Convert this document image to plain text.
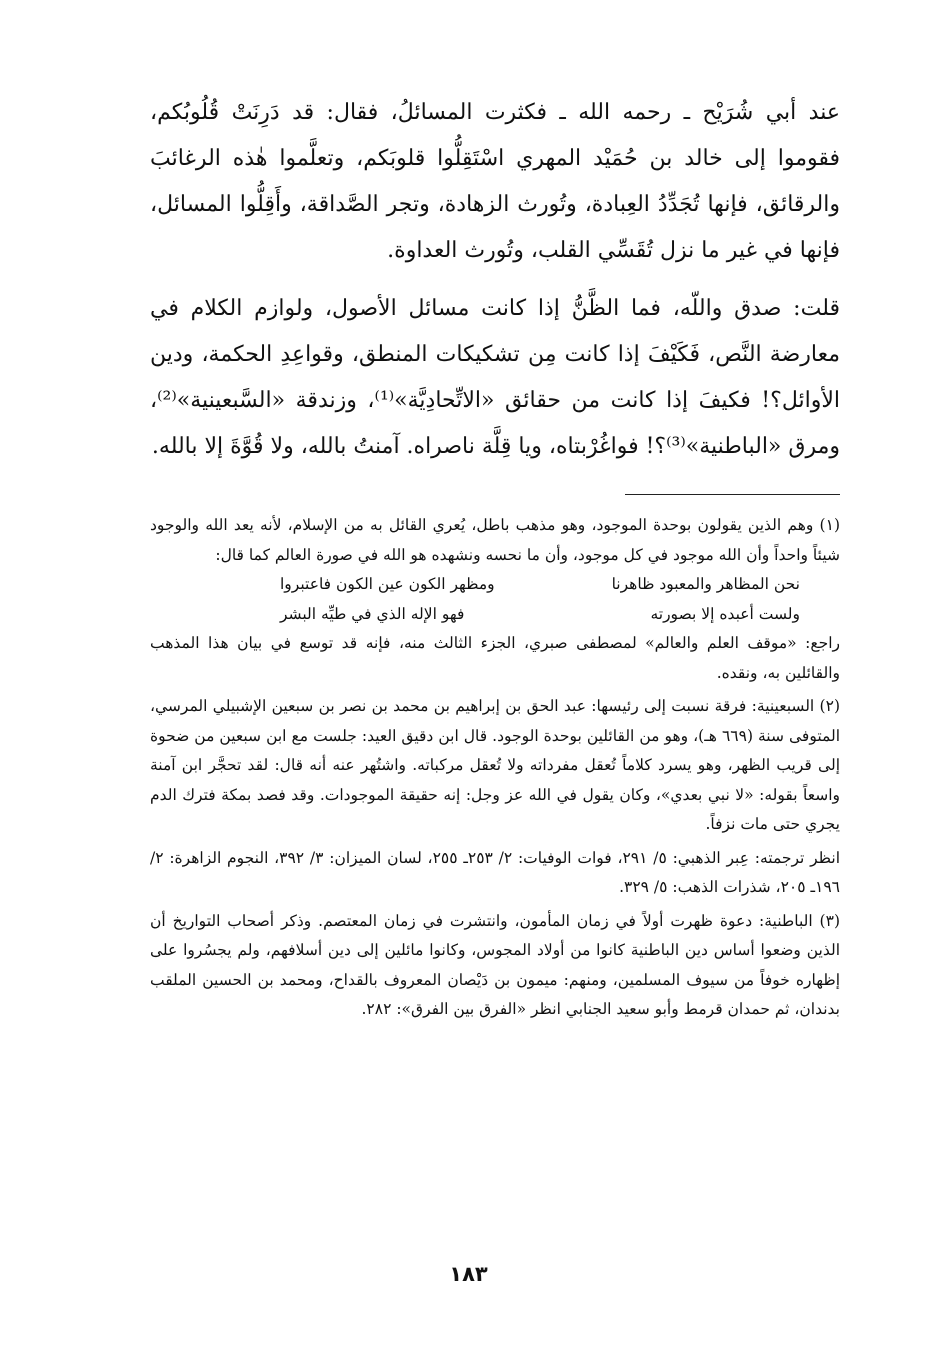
عند أبي شُرَيْح ـ رحمه الله ـ فكثرت المسائلُ، فقال: قد دَرِنَتْ قُلُوبُكم، فقوموا إلى خالد بن حُمَيْد المهري اسْتَقِلُّوا قلوبَكم، وتعلَّموا هٰذه الرغائبَ والرقائق، فإنها تُجَدِّدُ العِبادة، وتُورث الزهادة، وتجر الصَّداقة، وأَقِلُّوا المسائل، فإنها في غير ما نزل تُقَسِّي القلب، وتُورث العداوة.

قلت: صدق واللّه، فما الظَّنُّ إذا كانت مسائل الأصول، ولوازم الكلام في معارضة النَّص، فَكَيْفَ إذا كانت مِن تشكيكات المنطق، وقواعِدِ الحكمة، ودين الأوائل؟! فكيفَ إذا كانت من حقائق «الاتِّحادِيَّة»⁽¹⁾، وزندقة «السَّبعينية»⁽²⁾، ومرق «الباطنية»⁽³⁾؟! فواغُرْبتاه، ويا قِلَّة ناصراه. آمنتُ بالله، ولا قُوَّةَ إلا بالله.

(١) وهم الذين يقولون بوحدة الموجود، وهو مذهب باطل، يُعري القائل به من الإسلام، لأنه يعد الله والوجود شيئاً واحداً وأن الله موجود في كل موجود، وأن ما نحسه ونشهده هو الله في صورة العالم كما قال:

نحن المظاهر والمعبود ظاهرنا
ومظهر الكون عين الكون فاعتبروا
ولست أعبده إلا بصورته
فهو الإله الذي في طيِّه البشر

راجع: «موقف العلم والعالم» لمصطفى صبري، الجزء الثالث منه، فإنه قد توسع في بيان هذا المذهب والقائلين به، ونقده.

(٢) السبعينية: فرقة نسبت إلى رئيسها: عبد الحق بن إبراهيم بن محمد بن نصر بن سبعين الإشبيلي المرسي، المتوفى سنة (٦٦٩ هـ)، وهو من القائلين بوحدة الوجود. قال ابن دقيق العيد: جلست مع ابن سبعين من ضحوة إلى قريب الظهر، وهو يسرد كلاماً تُعقل مفرداته ولا تُعقل مركباته. واشتُهر عنه أنه قال: لقد تحجَّر ابن آمنة واسعاً بقوله: «لا نبي بعدي»، وكان يقول في الله عز وجل: إنه حقيقة الموجودات. وقد فصد بمكة فترك الدم يجري حتى مات نزفاً.

انظر ترجمته: عِبر الذهبي: ٥/ ٢٩١، فوات الوفيات: ٢/ ٢٥٣ـ ٢٥٥، لسان الميزان: ٣/ ٣٩٢، النجوم الزاهرة: ٢/ ١٩٦ـ ٢٠٥، شذرات الذهب: ٥/ ٣٢٩.

(٣) الباطنية: دعوة ظهرت أولاً في زمان المأمون، وانتشرت في زمان المعتصم. وذكر أصحاب التواريخ أن الذين وضعوا أساس دين الباطنية كانوا من أولاد المجوس، وكانوا مائلين إلى دين أسلافهم، ولم يجسُروا على إظهاره خوفاً من سيوف المسلمين، ومنهم: ميمون بن دَيْصان المعروف بالقداح، ومحمد بن الحسين الملقب بدندان، ثم حمدان قرمط وأبو سعيد الجنابي انظر «الفرق بين الفرق»: ٢٨٢.

١٨٣
